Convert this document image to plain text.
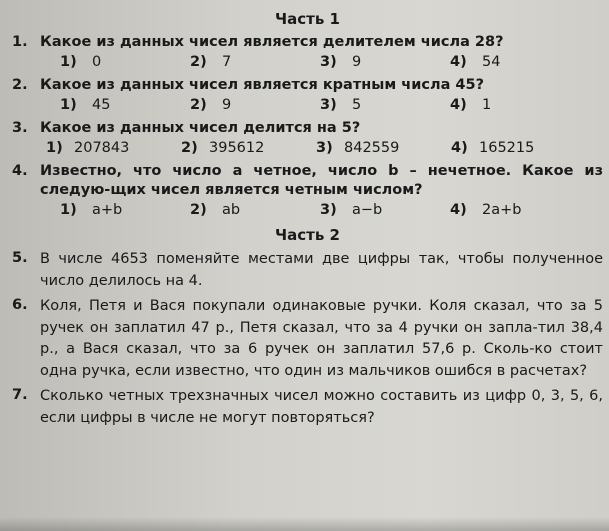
Часть 1
1. Какое из данных чисел является делителем числа 28?
1)	0	2)	7	3)	9	4)	54
2. Какое из данных чисел является кратным числа 45?
1)	45	2)	9	3)	5	4)	1
3. Какое из данных чисел делится на 5?
1) 207843	2) 395612	3) 842559	4) 165215
4. Известно, что число a четное, число b – нечетное. Какое из следую-щих чисел является четным числом?
1)	a+b	2)	ab	3)	a−b	4)	2a+b
Часть 2
5. В числе 4653 поменяйте местами две цифры так, чтобы полученное число делилось на 4.
6. Коля, Петя и Вася покупали одинаковые ручки. Коля сказал, что за 5 ручек он заплатил 47 р., Петя сказал, что за 4 ручки он запла-тил 38,4 р., а Вася сказал, что за 6 ручек он заплатил 57,6 р. Сколь-ко стоит одна ручка, если известно, что один из мальчиков ошибся в расчетах?
7. Сколько четных трехзначных чисел можно составить из цифр 0, 3, 5, 6, если цифры в числе не могут повторяться?
